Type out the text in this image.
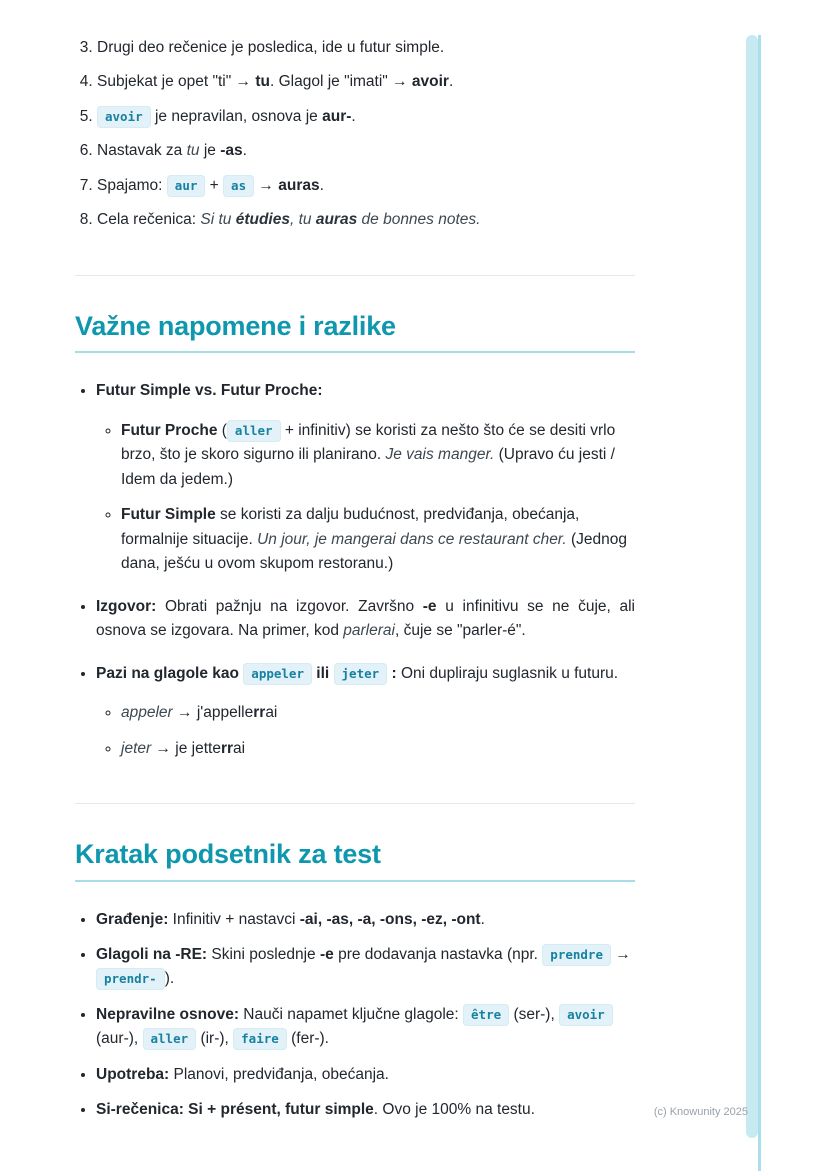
3. Drugi deo rečenice je posledica, ide u futur simple.
4. Subjekat je opet "ti" → tu. Glagol je "imati" → avoir.
5. avoir je nepravilan, osnova je aur-.
6. Nastavak za tu je -as.
7. Spajamo: aur + as → auras.
8. Cela rečenica: Si tu étudies, tu auras de bonnes notes.
Važne napomene i razlike
• Futur Simple vs. Futur Proche:
◦ Futur Proche ( aller + infinitiv) se koristi za nešto što će se desiti vrlo brzo, što je skoro sigurno ili planirano. Je vais manger. (Upravo ću jesti / Idem da jedem.)
◦ Futur Simple se koristi za dalju budućnost, predviđanja, obećanja, formalnije situacije. Un jour, je mangerai dans ce restaurant cher. (Jednog dana, ješću u ovom skupom restoranu.)
• Izgovor: Obrati pažnju na izgovor. Završno -e u infinitivu se ne čuje, ali osnova se izgovara. Na primer, kod parlerai, čuje se "parler-é".
• Pazi na glagole kao appeler ili jeter : Oni dupliraju suglasnik u futuru.
◦ appeler → j'appellerrai
◦ jeter → je jetterrai
Kratak podsetnik za test
• Građenje: Infinitiv + nastavci -ai, -as, -a, -ons, -ez, -ont.
• Glagoli na -RE: Skini poslednje -e pre dodavanja nastavka (npr. prendre → prendr- ).
• Nepravilne osnove: Nauči napamet ključne glagole: être (ser-), avoir (aur-), aller (ir-), faire (fer-).
• Upotreba: Planovi, predviđanja, obećanja.
• Si-rečenica: Si + présent, futur simple. Ovo je 100% na testu.	(c) Knowunity 2025
